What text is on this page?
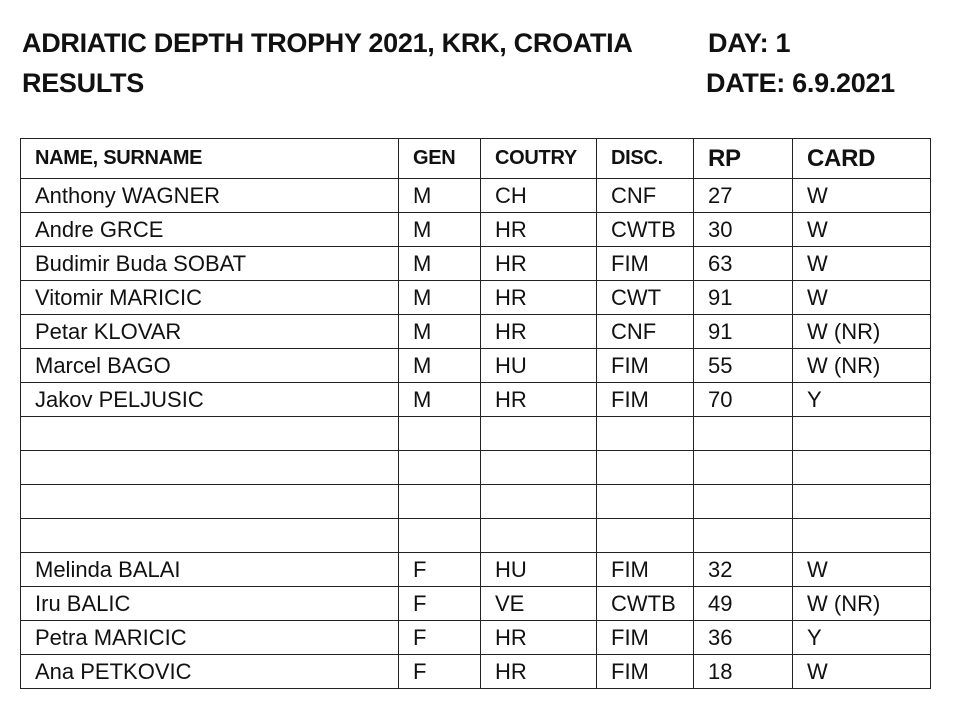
ADRIATIC DEPTH TROPHY 2021, KRK, CROATIA
RESULTS
DAY: 1
DATE: 6.9.2021
NAME, SURNAME	GEN	COUTRY	DISC.	RP	CARD
Anthony WAGNER	M	CH	CNF	27	W
Andre GRCE	M	HR	CWTB	30	W
Budimir Buda SOBAT	M	HR	FIM	63	W
Vitomir MARICIC	M	HR	CWT	91	W
Petar KLOVAR	M	HR	CNF	91	W (NR)
Marcel BAGO	M	HU	FIM	55	W (NR)
Jakov PELJUSIC	M	HR	FIM	70	Y

Melinda BALAI	F	HU	FIM	32	W
Iru BALIC	F	VE	CWTB	49	W (NR)
Petra MARICIC	F	HR	FIM	36	Y
Ana PETKOVIC	F	HR	FIM	18	W
